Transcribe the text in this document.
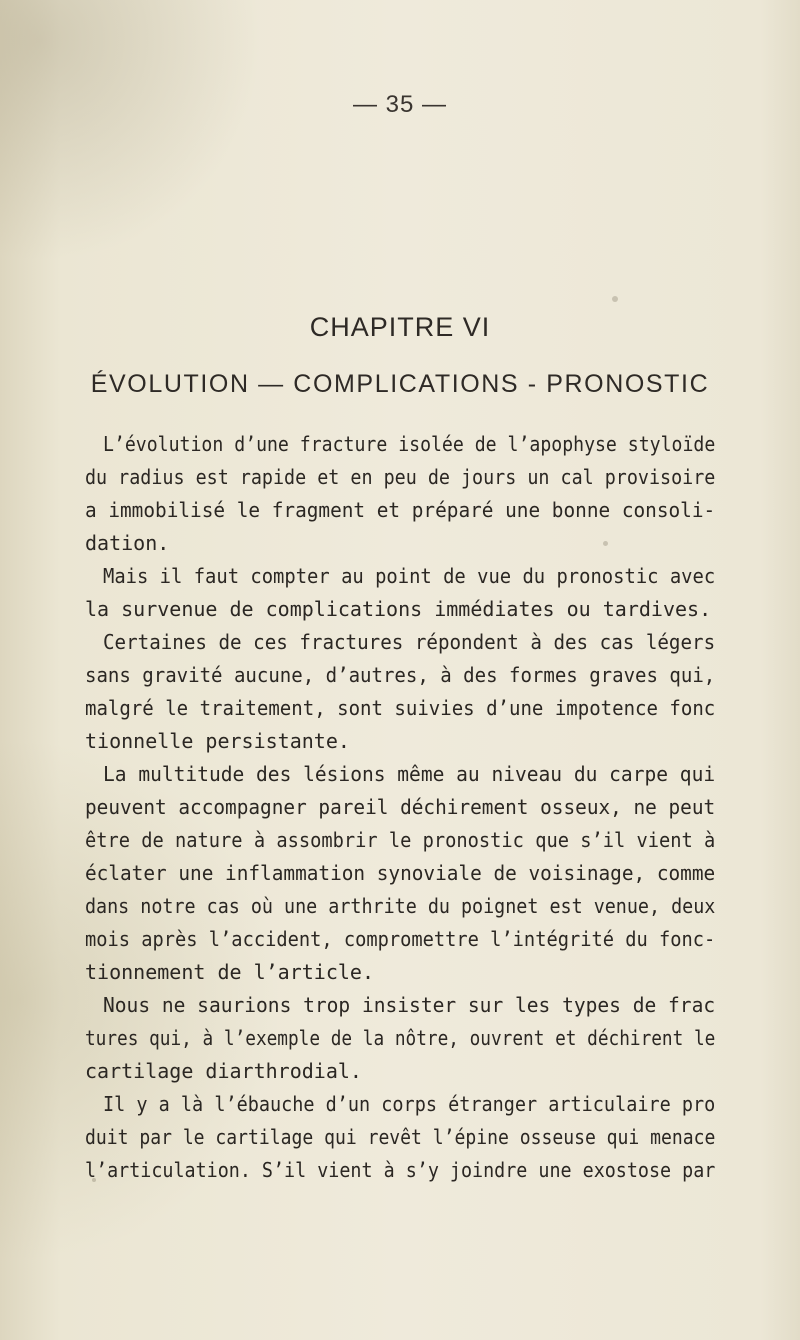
— 35 —
CHAPITRE VI
ÉVOLUTION — COMPLICATIONS - PRONOSTIC
L’évolution d’une fracture isolée de l’apophyse styloïde
du radius est rapide et en peu de jours un cal provisoire
a immobilisé le fragment et préparé une bonne consoli-
dation.
Mais il faut compter au point de vue du pronostic avec
la survenue de complications immédiates ou tardives.
Certaines de ces fractures répondent à des cas légers
sans gravité aucune, d’autres, à des formes graves qui,
malgré le traitement, sont suivies d’une impotence fonc
tionnelle persistante.
La multitude des lésions même au niveau du carpe qui
peuvent accompagner pareil déchirement osseux, ne peut
être de nature à assombrir le pronostic que s’il vient à
éclater une inflammation synoviale de voisinage, comme
dans notre cas où une arthrite du poignet est venue, deux
mois après l’accident, compromettre l’intégrité du fonc-
tionnement de l’article.
Nous ne saurions trop insister sur les types de frac
tures qui, à l’exemple de la nôtre, ouvrent et déchirent le
cartilage diarthrodial.
Il y a là l’ébauche d’un corps étranger articulaire pro
duit par le cartilage qui revêt l’épine osseuse qui menace
l’articulation. S’il vient à s’y joindre une exostose par
